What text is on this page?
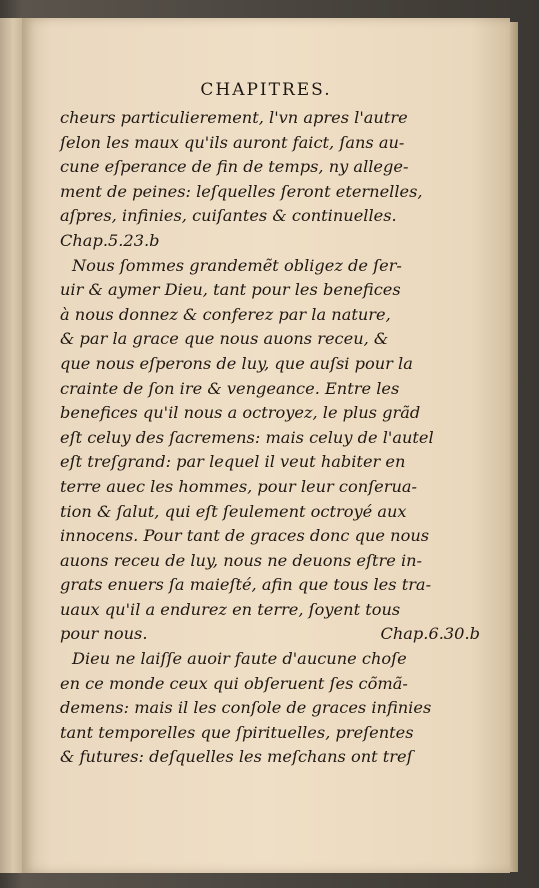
CHAPITRES.
cheurs particulierement, l'vn apres l'autre
ſelon les maux qu'ils auront faict, ſans au-
cune eſperance de fin de temps, ny allege-
ment de peines: leſquelles ſeront eternelles,
aſpres, infinies, cuiſantes & continuelles.
Chap.5.23.b
Nous ſommes grandemẽt obligez de ſer-
uir & aymer Dieu, tant pour les benefices
à nous donnez & conferez par la nature,
& par la grace que nous auons receu, &
que nous eſperons de luy, que auſsi pour la
crainte de ſon ire & vengeance. Entre les
benefices qu'il nous a octroyez, le plus grãd
eſt celuy des ſacremens: mais celuy de l'autel
eſt treſgrand: par lequel il veut habiter en
terre auec les hommes, pour leur conſerua-
tion & ſalut, qui eſt ſeulement octroyé aux
innocens. Pour tant de graces donc que nous
auons receu de luy, nous ne deuons eſtre in-
grats enuers ſa maieſté, afin que tous les tra-
uaux qu'il a endurez en terre, ſoyent tous
pour nous.	Chap.6.30.b
Dieu ne laiſſe auoir faute d'aucune choſe
en ce monde ceux qui obſeruent ſes cõmã-
demens: mais il les conſole de graces infinies
tant temporelles que ſpirituelles, preſentes
& futures: deſquelles les meſchans ont treſ
